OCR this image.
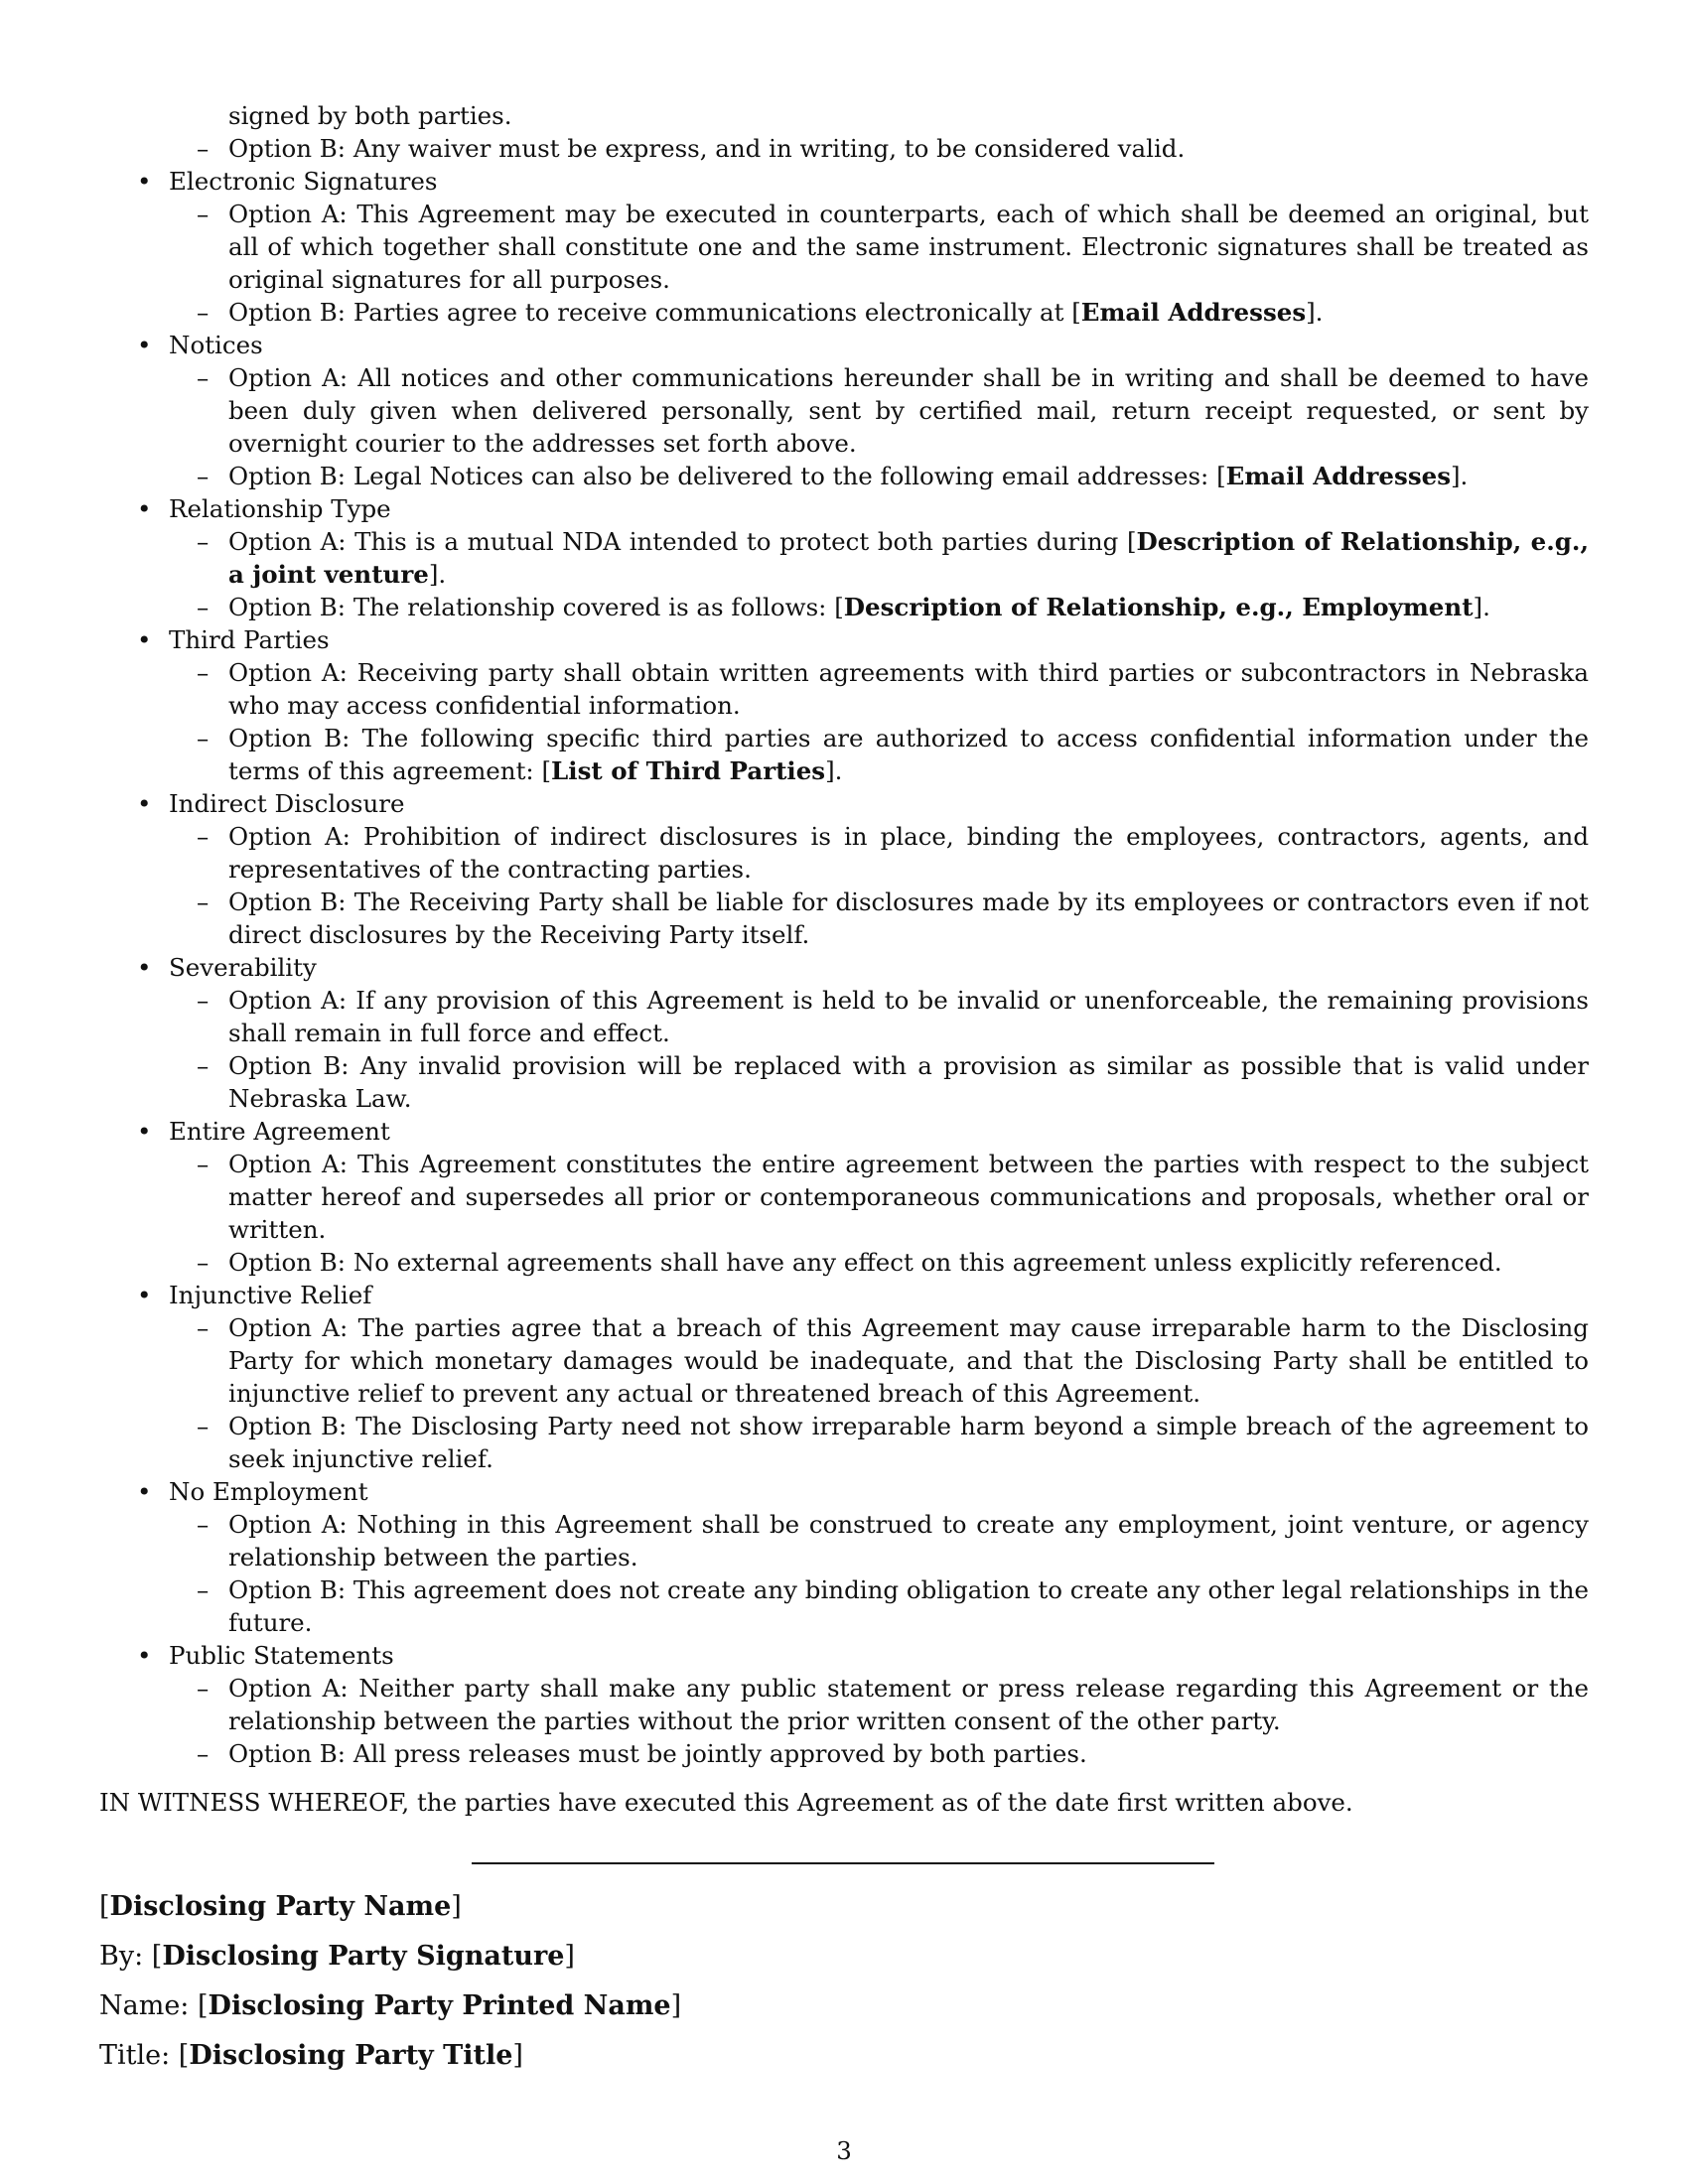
signed by both parties.
– Option B: Any waiver must be express, and in writing, to be considered valid.
• Electronic Signatures
– Option A: This Agreement may be executed in counterparts, each of which shall be deemed an original, but all of which together shall constitute one and the same instrument. Electronic signatures shall be treated as original signatures for all purposes.
– Option B: Parties agree to receive communications electronically at [Email Addresses].
• Notices
– Option A: All notices and other communications hereunder shall be in writing and shall be deemed to have been duly given when delivered personally, sent by certified mail, return receipt requested, or sent by overnight courier to the addresses set forth above.
– Option B: Legal Notices can also be delivered to the following email addresses: [Email Addresses].
• Relationship Type
– Option A: This is a mutual NDA intended to protect both parties during [Description of Relationship, e.g., a joint venture].
– Option B: The relationship covered is as follows: [Description of Relationship, e.g., Employment].
• Third Parties
– Option A: Receiving party shall obtain written agreements with third parties or subcontractors in Nebraska who may access confidential information.
– Option B: The following specific third parties are authorized to access confidential information under the terms of this agreement: [List of Third Parties].
• Indirect Disclosure
– Option A: Prohibition of indirect disclosures is in place, binding the employees, contractors, agents, and representatives of the contracting parties.
– Option B: The Receiving Party shall be liable for disclosures made by its employees or contractors even if not direct disclosures by the Receiving Party itself.
• Severability
– Option A: If any provision of this Agreement is held to be invalid or unenforceable, the remaining provisions shall remain in full force and effect.
– Option B: Any invalid provision will be replaced with a provision as similar as possible that is valid under Nebraska Law.
• Entire Agreement
– Option A: This Agreement constitutes the entire agreement between the parties with respect to the subject matter hereof and supersedes all prior or contemporaneous communications and proposals, whether oral or written.
– Option B: No external agreements shall have any effect on this agreement unless explicitly referenced.
• Injunctive Relief
– Option A: The parties agree that a breach of this Agreement may cause irreparable harm to the Disclosing Party for which monetary damages would be inadequate, and that the Disclosing Party shall be entitled to injunctive relief to prevent any actual or threatened breach of this Agreement.
– Option B: The Disclosing Party need not show irreparable harm beyond a simple breach of the agreement to seek injunctive relief.
• No Employment
– Option A: Nothing in this Agreement shall be construed to create any employment, joint venture, or agency relationship between the parties.
– Option B: This agreement does not create any binding obligation to create any other legal relationships in the future.
• Public Statements
– Option A: Neither party shall make any public statement or press release regarding this Agreement or the relationship between the parties without the prior written consent of the other party.
– Option B: All press releases must be jointly approved by both parties.
IN WITNESS WHEREOF, the parties have executed this Agreement as of the date first written above.

[Disclosing Party Name]

By: [Disclosing Party Signature]

Name: [Disclosing Party Printed Name]

Title: [Disclosing Party Title]

3
